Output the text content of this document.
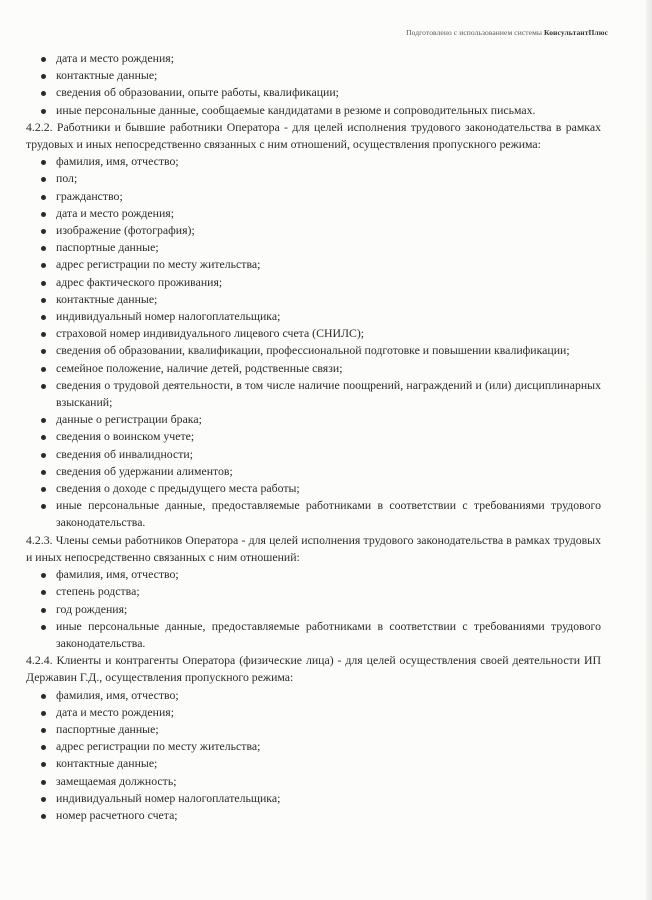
Подготовлено с использованием системы КонсультантПлюс
дата и место рождения;
контактные данные;
сведения об образовании, опыте работы, квалификации;
иные персональные данные, сообщаемые кандидатами в резюме и сопроводительных письмах.

4.2.2. Работники и бывшие работники Оператора - для целей исполнения трудового законодательства в рамках трудовых и иных непосредственно связанных с ним отношений, осуществления пропускного режима:

фамилия, имя, отчество;
пол;
гражданство;
дата и место рождения;
изображение (фотография);
паспортные данные;
адрес регистрации по месту жительства;
адрес фактического проживания;
контактные данные;
индивидуальный номер налогоплательщика;
страховой номер индивидуального лицевого счета (СНИЛС);
сведения об образовании, квалификации, профессиональной подготовке и повышении квалификации;
семейное положение, наличие детей, родственные связи;
сведения о трудовой деятельности, в том числе наличие поощрений, награждений и (или) дисциплинарных взысканий;
данные о регистрации брака;
сведения о воинском учете;
сведения об инвалидности;
сведения об удержании алиментов;
сведения о доходе с предыдущего места работы;
иные персональные данные, предоставляемые работниками в соответствии с требованиями трудового законодательства.

4.2.3. Члены семьи работников Оператора - для целей исполнения трудового законодательства в рамках трудовых и иных непосредственно связанных с ним отношений:

фамилия, имя, отчество;
степень родства;
год рождения;
иные персональные данные, предоставляемые работниками в соответствии с требованиями трудового законодательства.

4.2.4. Клиенты и контрагенты Оператора (физические лица) - для целей осуществления своей деятельности ИП Державин Г.Д., осуществления пропускного режима:

фамилия, имя, отчество;
дата и место рождения;
паспортные данные;
адрес регистрации по месту жительства;
контактные данные;
замещаемая должность;
индивидуальный номер налогоплательщика;
номер расчетного счета;
